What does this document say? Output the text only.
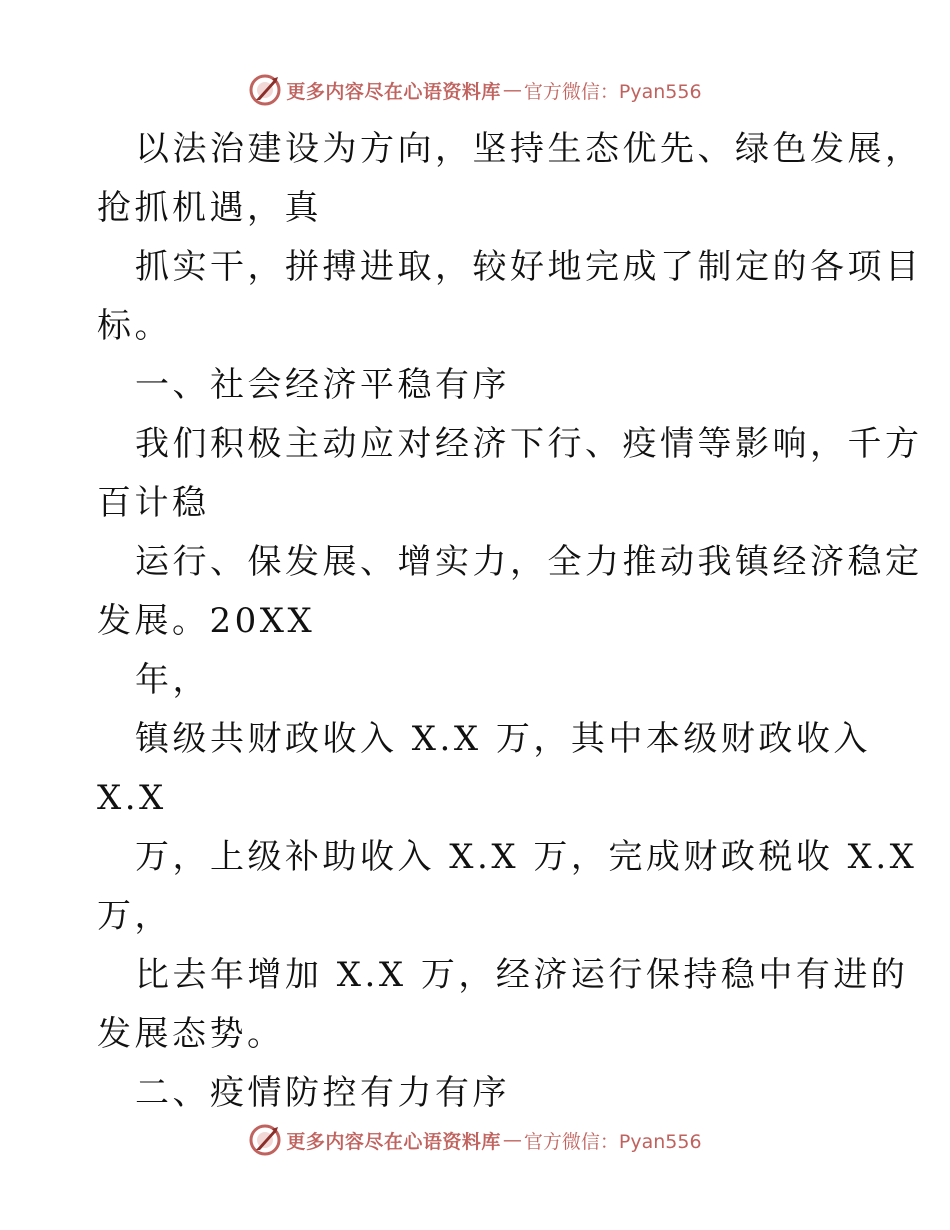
更多内容尽在心语资料库 — 官方微信：Pyan556
以法治建设为方向，坚持生态优先、绿色发展，
抢抓机遇，真
抓实干，拼搏进取，较好地完成了制定的各项目
标。
一、社会经济平稳有序
我们积极主动应对经济下行、疫情等影响，千方
百计稳
运行、保发展、增实力，全力推动我镇经济稳定
发展。20XX
年，
镇级共财政收入 X.X 万，其中本级财政收入
X.X
万，上级补助收入 X.X 万，完成财政税收 X.X
万，
比去年增加 X.X 万，经济运行保持稳中有进的
发展态势。
二、疫情防控有力有序
更多内容尽在心语资料库 — 官方微信：Pyan556
